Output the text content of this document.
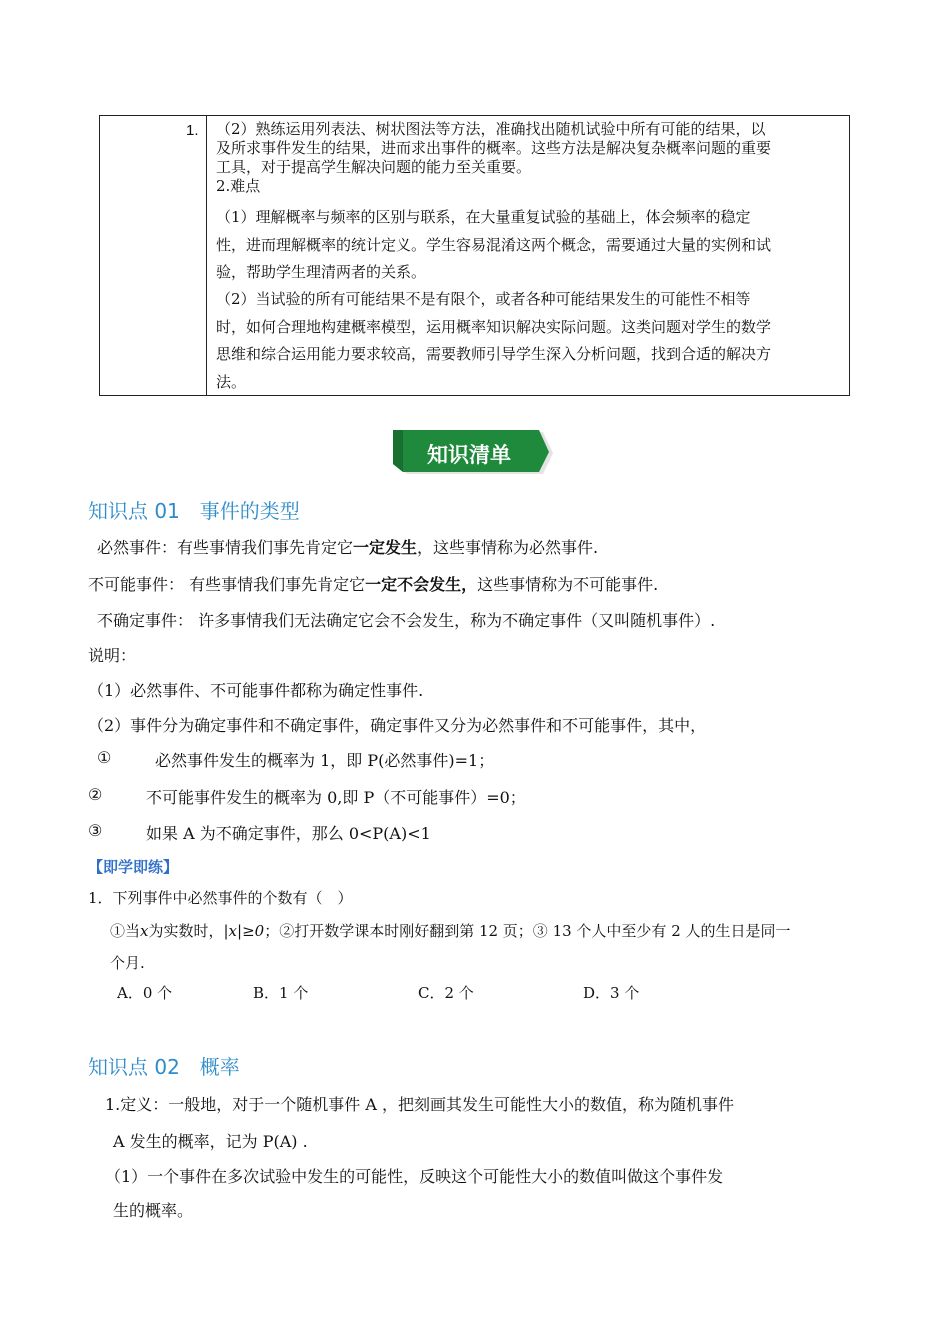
1. （2）熟练运用列表法、树状图法等方法，准确找出随机试验中所有可能的结果，以
及所求事件发生的结果，进而求出事件的概率。这些方法是解决复杂概率问题的重要
工具，对于提高学生解决问题的能力至关重要。
2.难点
（1）理解概率与频率的区别与联系，在大量重复试验的基础上，体会频率的稳定
性，进而理解概率的统计定义。学生容易混淆这两个概念，需要通过大量的实例和试
验，帮助学生理清两者的关系。
（2）当试验的所有可能结果不是有限个，或者各种可能结果发生的可能性不相等
时，如何合理地构建概率模型，运用概率知识解决实际问题。这类问题对学生的数学
思维和综合运用能力要求较高，需要教师引导学生深入分析问题，找到合适的解决方
法。
知识清单
知识点 01　事件的类型
必然事件：有些事情我们事先肯定它一定发生，这些事情称为必然事件.
不可能事件： 有些事情我们事先肯定它一定不会发生，这些事情称为不可能事件.
不确定事件： 许多事情我们无法确定它会不会发生，称为不确定事件（又叫随机事件）.
说明：
（1）必然事件、不可能事件都称为确定性事件.
（2）事件分为确定事件和不确定事件，确定事件又分为必然事件和不可能事件，其中，
①	必然事件发生的概率为 1，即 P(必然事件)=1；
②	不可能事件发生的概率为 0,即 P（不可能事件）=0；
③	如果 A 为不确定事件，那么 0<P(A)<1
【即学即练】
1．下列事件中必然事件的个数有（　）
①当x为实数时，|x|≥0；②打开数学课本时刚好翻到第 12 页；③ 13 个人中至少有 2 人的生日是同一
个月.
A．0 个	B．1 个	C．2 个	D．3 个
知识点 02　概率
1.定义：一般地，对于一个随机事件 A ，把刻画其发生可能性大小的数值，称为随机事件
A 发生的概率，记为 P(A) .
（1）一个事件在多次试验中发生的可能性，反映这个可能性大小的数值叫做这个事件发
生的概率。
